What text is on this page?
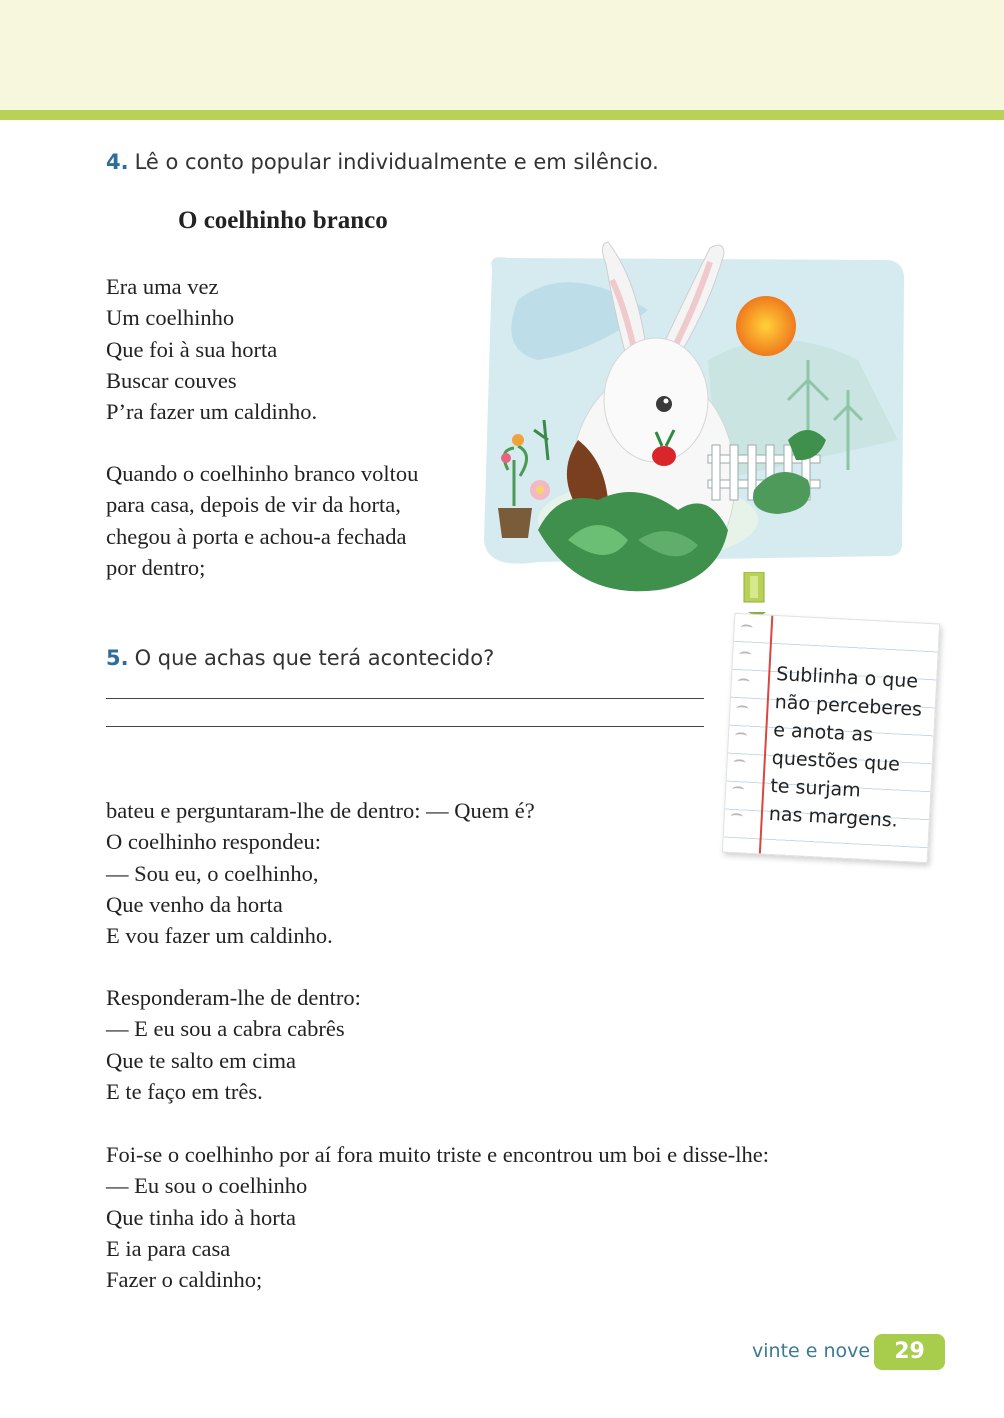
4. Lê o conto popular individualmente e em silêncio.
O coelhinho branco
Era uma vez
Um coelhinho
Que foi à sua horta
Buscar couves
P’ra fazer um caldinho.
Quando o coelhinho branco voltou
para casa, depois de vir da horta,
chegou à porta e achou-a fechada
por dentro;
5. O que achas que terá acontecido?
Sublinha o que
não perceberes
e anota as
questões que
te surjam
nas margens.
bateu e perguntaram-lhe de dentro: — Quem é?
O coelhinho respondeu:
— Sou eu, o coelhinho,
Que venho da horta
E vou fazer um caldinho.
Responderam-lhe de dentro:
— E eu sou a cabra cabrês
Que te salto em cima
E te faço em três.
Foi-se o coelhinho por aí fora muito triste e encontrou um boi e disse-lhe:
— Eu sou o coelhinho
Que tinha ido à horta
E ia para casa
Fazer o caldinho;
vinte e nove	29
